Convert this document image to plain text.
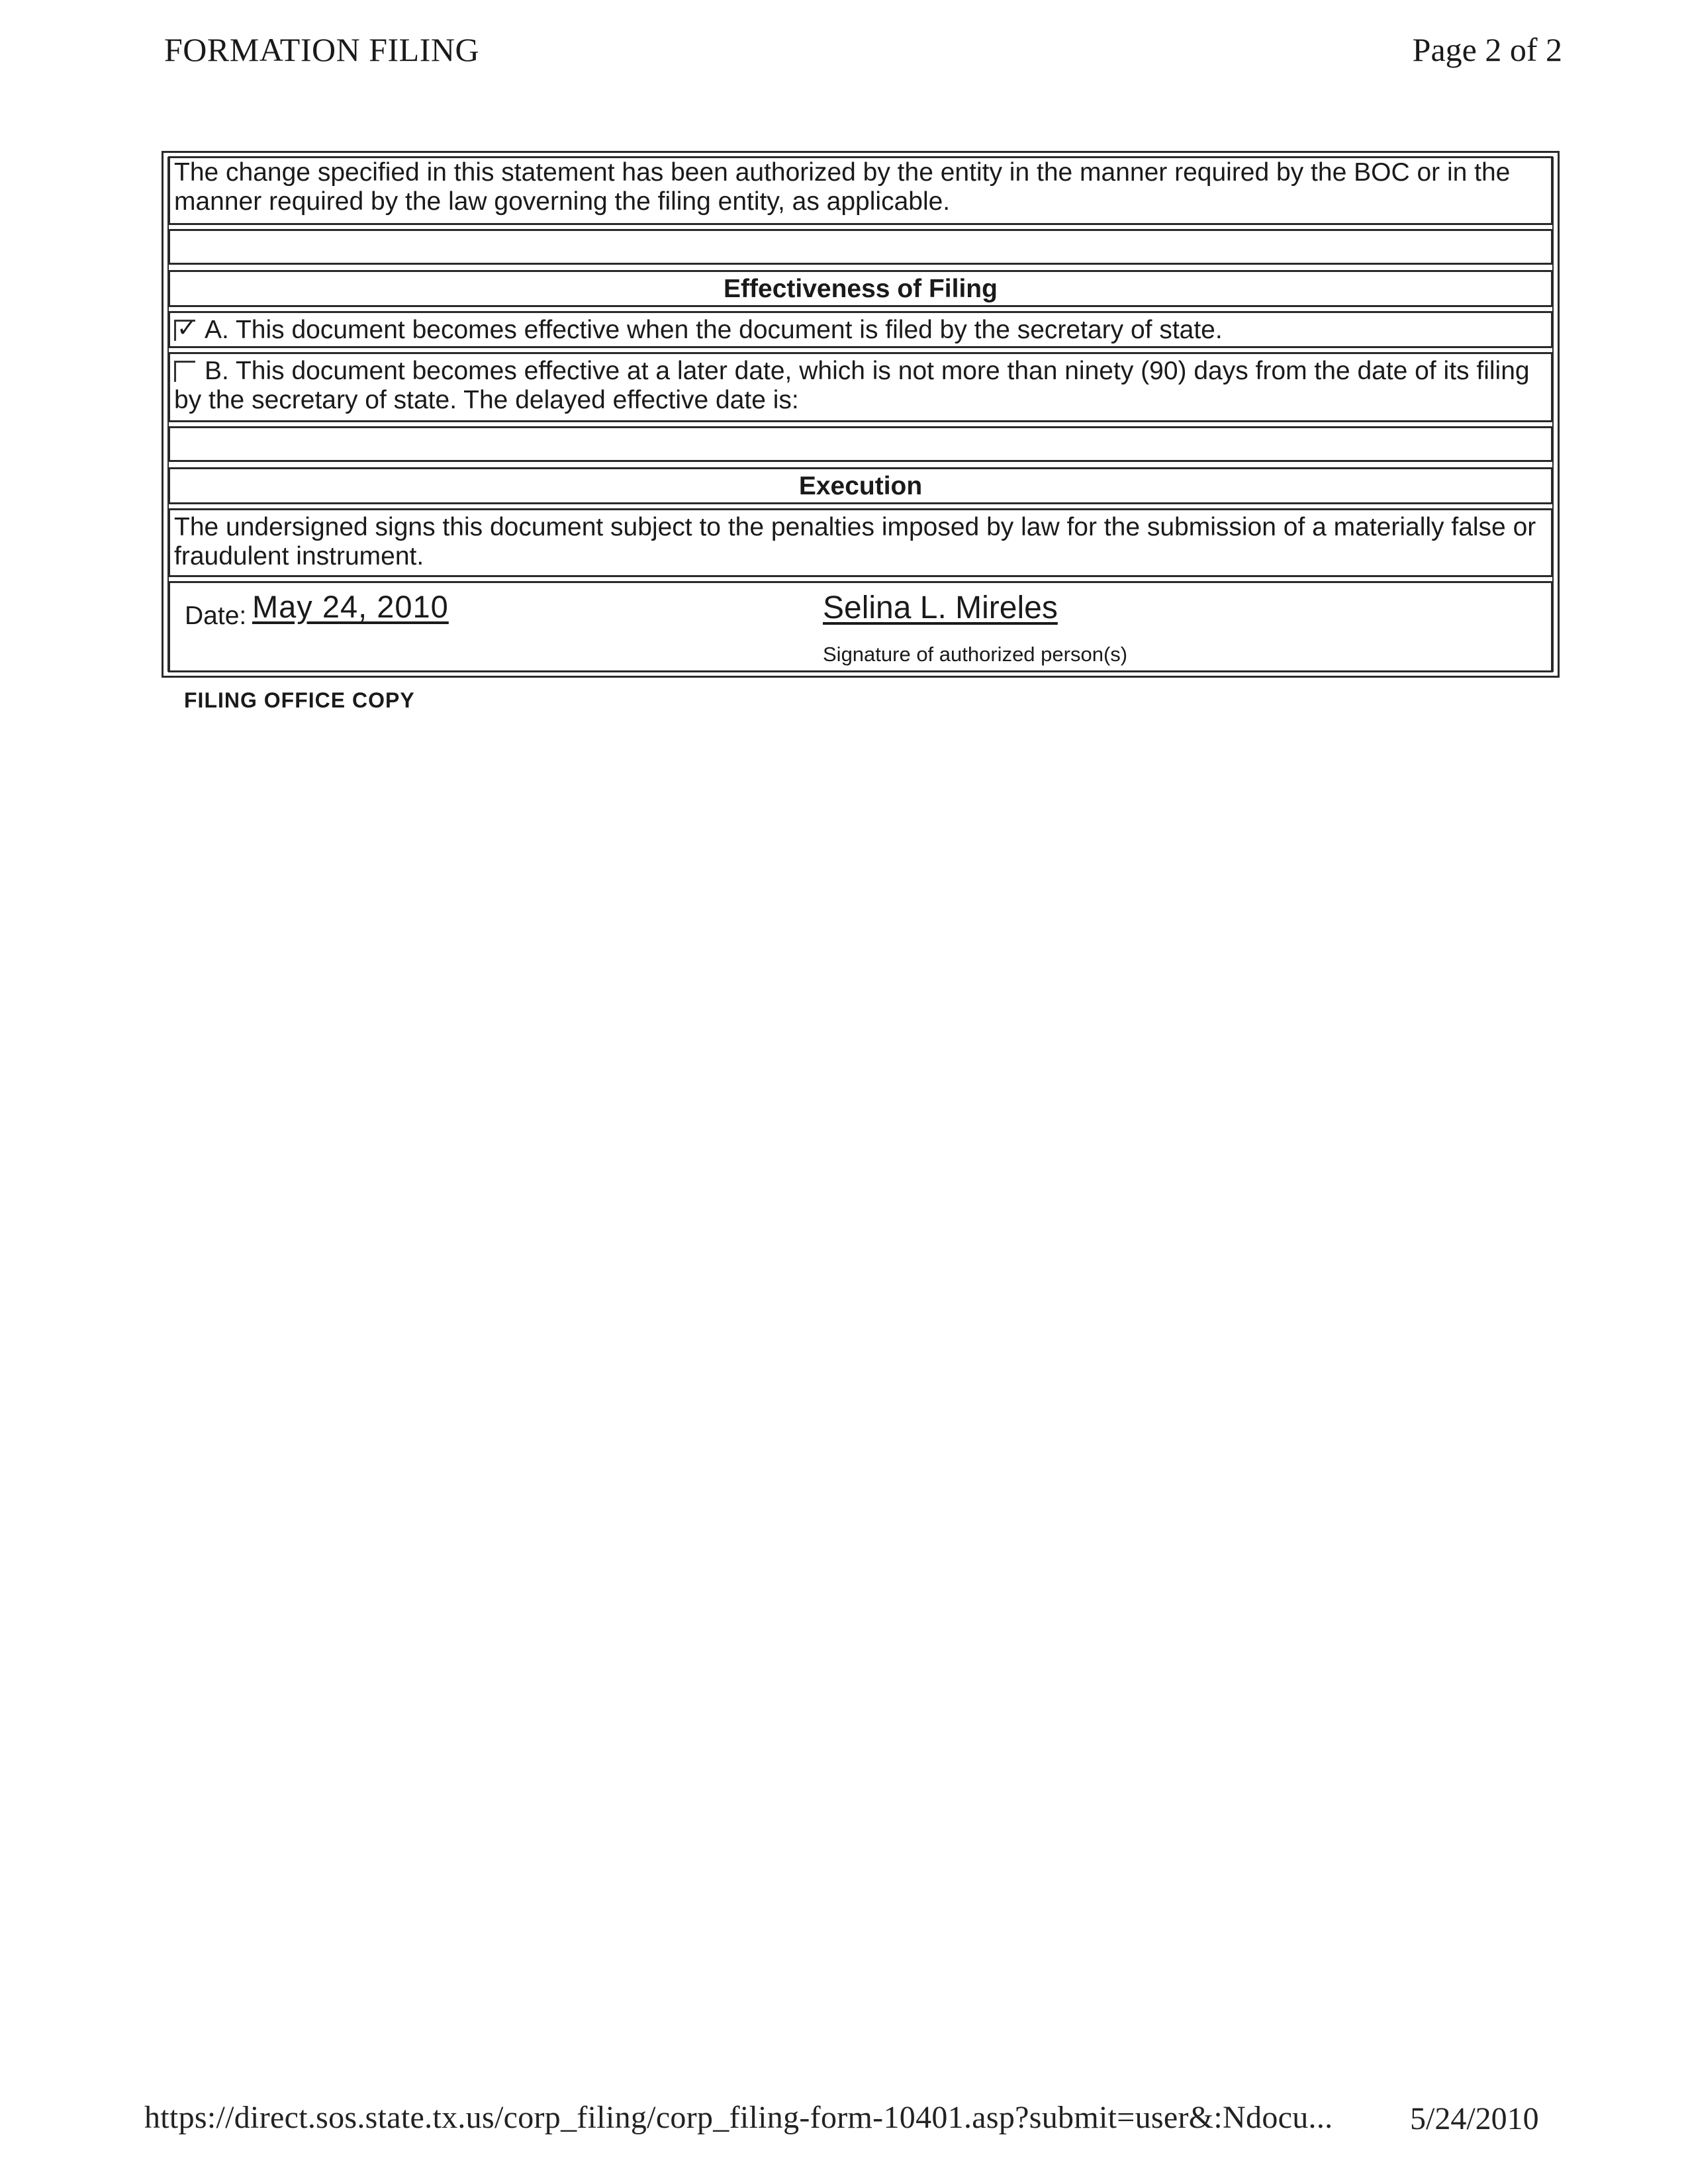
FORMATION FILING	Page 2 of 2
The change specified in this statement has been authorized by the entity in the manner required by the BOC or in the manner required by the law governing the filing entity, as applicable.
Effectiveness of Filing
✓ A. This document becomes effective when the document is filed by the secretary of state.
B. This document becomes effective at a later date, which is not more than ninety (90) days from the date of its filing by the secretary of state. The delayed effective date is:
Execution
The undersigned signs this document subject to the penalties imposed by law for the submission of a materially false or fraudulent instrument.
Date: May 24, 2010	Selina L. Mireles
Signature of authorized person(s)
FILING OFFICE COPY
https://direct.sos.state.tx.us/corp_filing/corp_filing-form-10401.asp?submit=user&:Ndocu... 5/24/2010
